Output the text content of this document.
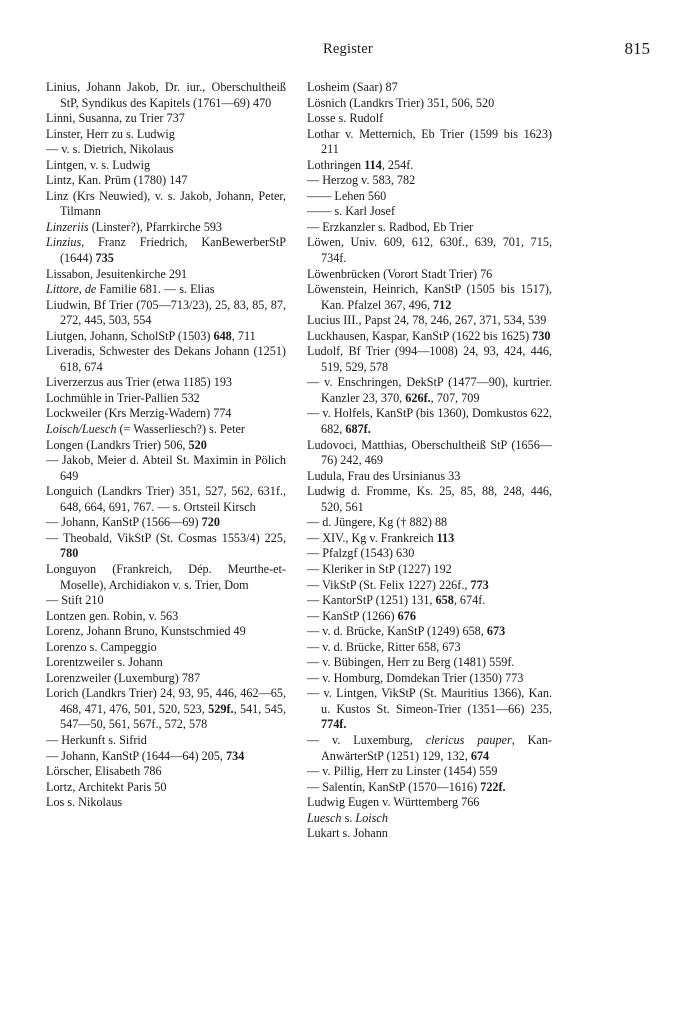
Register	815
Linius, Johann Jakob, Dr. iur., Oberschultheiß StP, Syndikus des Kapitels (1761—69) 470
Linni, Susanna, zu Trier 737
Linster, Herr zu s. Ludwig
— v. s. Dietrich, Nikolaus
Lintgen, v. s. Ludwig
Lintz, Kan. Prüm (1780) 147
Linz (Krs Neuwied), v. s. Jakob, Johann, Peter, Tilmann
Linzeriis (Linster?), Pfarrkirche 593
Linzius, Franz Friedrich, KanBewerberStP (1644) 735
Lissabon, Jesuitenkirche 291
Littore, de Familie 681. — s. Elias
Liudwin, Bf Trier (705—713/23), 25, 83, 85, 87, 272, 445, 503, 554
Liutgen, Johann, ScholStP (1503) 648, 711
Liveradis, Schwester des Dekans Johann (1251) 618, 674
Liverzerzus aus Trier (etwa 1185) 193
Lochmühle in Trier-Pallien 532
Lockweiler (Krs Merzig-Wadern) 774
Loisch/Luesch (= Wasserliesch?) s. Peter
Longen (Landkrs Trier) 506, 520
— Jakob, Meier d. Abteil St. Maximin in Pölich 649
Longuich (Landkrs Trier) 351, 527, 562, 631f., 648, 664, 691, 767. — s. Ortsteil Kirsch
— Johann, KanStP (1566—69) 720
— Theobald, VikStP (St. Cosmas 1553/4) 225, 780
Longuyon (Frankreich, Dép. Meurthe-et-Moselle), Archidiakon v. s. Trier, Dom
— Stift 210
Lontzen gen. Robin, v. 563
Lorenz, Johann Bruno, Kunstschmied 49
Lorenzo s. Campeggio
Lorentzweiler s. Johann
Lorenzweiler (Luxemburg) 787
Lorich (Landkrs Trier) 24, 93, 95, 446, 462—65, 468, 471, 476, 501, 520, 523, 529f., 541, 545, 547—50, 561, 567f., 572, 578
— Herkunft s. Sifrid
— Johann, KanStP (1644—64) 205, 734
Lörscher, Elisabeth 786
Lortz, Architekt Paris 50
Los s. Nikolaus
Losheim (Saar) 87
Lösnich (Landkrs Trier) 351, 506, 520
Losse s. Rudolf
Lothar v. Metternich, Eb Trier (1599 bis 1623) 211
Lothringen 114, 254f.
— Herzog v. 583, 782
—— Lehen 560
—— s. Karl Josef
— Erzkanzler s. Radbod, Eb Trier
Löwen, Univ. 609, 612, 630f., 639, 701, 715, 734f.
Löwenbrücken (Vorort Stadt Trier) 76
Löwenstein, Heinrich, KanStP (1505 bis 1517), Kan. Pfalzel 367, 496, 712
Lucius III., Papst 24, 78, 246, 267, 371, 534, 539
Luckhausen, Kaspar, KanStP (1622 bis 1625) 730
Ludolf, Bf Trier (994—1008) 24, 93, 424, 446, 519, 529, 578
— v. Enschringen, DekStP (1477—90), kurtrier. Kanzler 23, 370, 626f., 707, 709
— v. Holfels, KanStP (bis 1360), Domkustos 622, 682, 687f.
Ludovoci, Matthias, Oberschultheiß StP (1656—76) 242, 469
Ludula, Frau des Ursinianus 33
Ludwig d. Fromme, Ks. 25, 85, 88, 248, 446, 520, 561
— d. Jüngere, Kg († 882) 88
— XIV., Kg v. Frankreich 113
— Pfalzgf (1543) 630
— Kleriker in StP (1227) 192
— VikStP (St. Felix 1227) 226f., 773
— KantorStP (1251) 131, 658, 674f.
— KanStP (1266) 676
— v. d. Brücke, KanStP (1249) 658, 673
— v. d. Brücke, Ritter 658, 673
— v. Bübingen, Herr zu Berg (1481) 559f.
— v. Homburg, Domdekan Trier (1350) 773
— v. Lintgen, VikStP (St. Mauritius 1366), Kan. u. Kustos St. Simeon-Trier (1351—66) 235, 774f.
— v. Luxemburg, clericus pauper, Kan-AnwärterStP (1251) 129, 132, 674
— v. Pillig, Herr zu Linster (1454) 559
— Salentin, KanStP (1570—1616) 722f.
Ludwig Eugen v. Württemberg 766
Luesch s. Loisch
Lukart s. Johann
